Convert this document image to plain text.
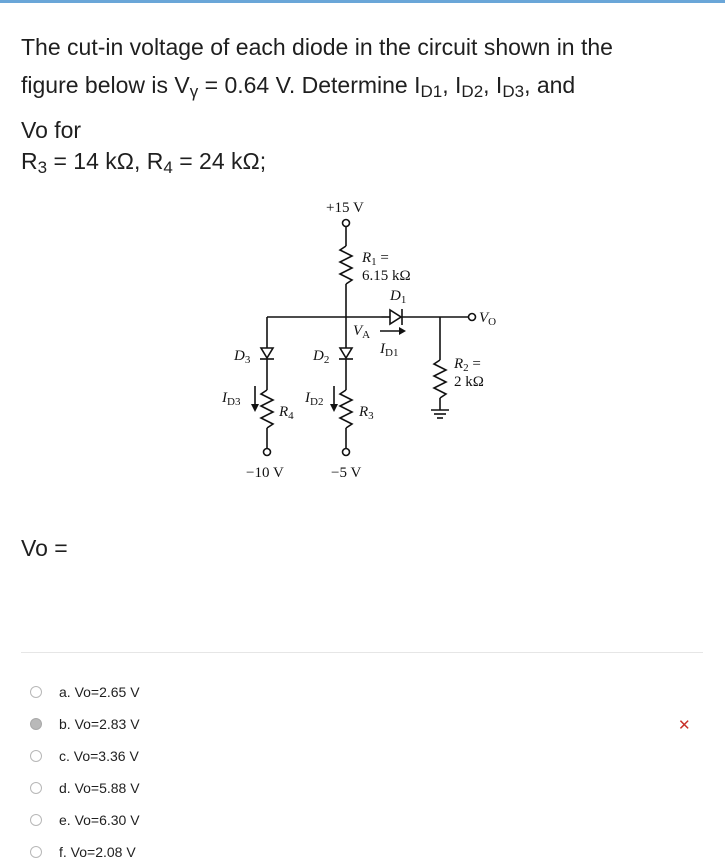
The cut-in voltage of each diode in the circuit shown in the
figure below is $V_\gamma = 0.64$ V. Determine $I_{D1}$, $I_{D2}$, $I_{D3}$, and
Vo for
$R_3 = 14$ kΩ, $R_4 = 24$ kΩ;
+15 V
$R_1$ =
6.15 kΩ
$D_1$
$V_O$
$V_A$
$I_{D1}$
$R_2$ =
2 kΩ
$D_3$	$D_2$
$I_{D3}$	$I_{D2}$
$R_4$	$R_3$
−10 V	−5 V
Vo =
a. Vo=2.65 V
b. Vo=2.83 V	✕
c. Vo=3.36 V
d. Vo=5.88 V
e. Vo=6.30 V
f. Vo=2.08 V
